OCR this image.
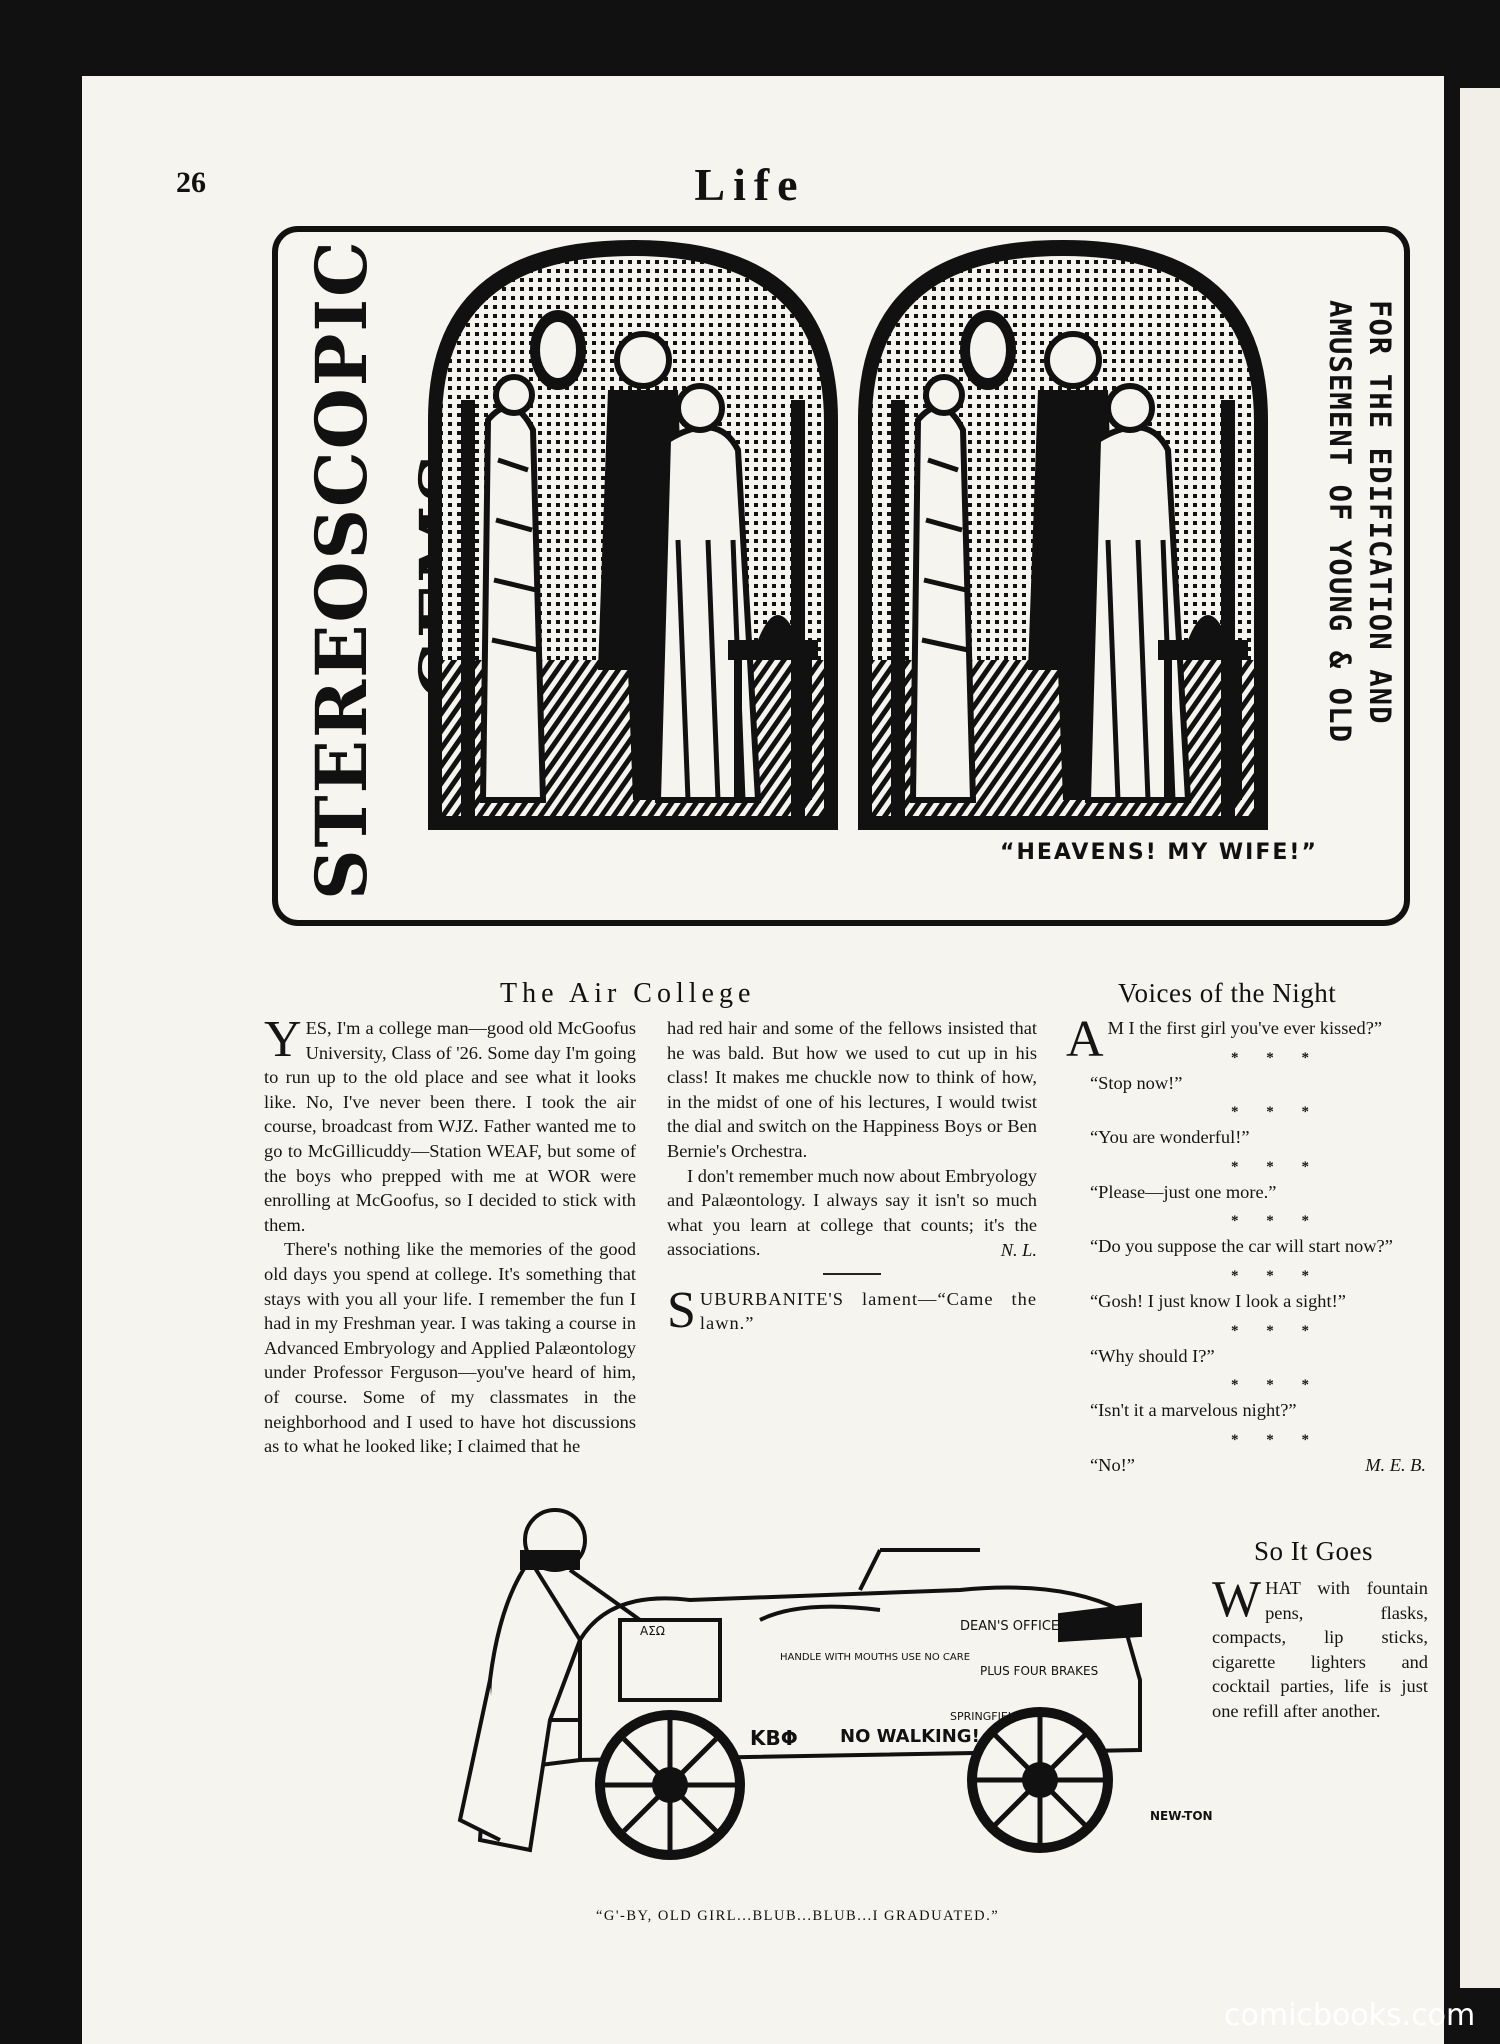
26	Life
STEREOSCOPIC	FOR THE EDIFICATION AND AMUSEMENT OF YOUNG & OLD
“HEAVENS! MY WIFE!”
The Air College

YES, I'm a college man—good old McGoofus University, Class of '26. Some day I'm going to run up to the old place and see what it looks like. No, I've never been there. I took the air course, broadcast from WJZ. Father wanted me to go to McGillicuddy—Station WEAF, but some of the boys who prepped with me at WOR were enrolling at McGoofus, so I decided to stick with them.

There's nothing like the memories of the good old days you spend at college. It's something that stays with you all your life. I remember the fun I had in my Freshman year. I was taking a course in Advanced Embryology and Applied Palæontology under Professor Ferguson—you've heard of him, of course. Some of my classmates in the neighborhood and I used to have hot discussions as to what he looked like; I claimed that he

had red hair and some of the fellows insisted that he was bald. But how we used to cut up in his class! It makes me chuckle now to think of how, in the midst of one of his lectures, I would twist the dial and switch on the Happiness Boys or Ben Bernie's Orchestra.

I don't remember much now about Embryology and Palæontology. I always say it isn't so much what you learn at college that counts; it's the associations.	N. L.

SUBURBANITE'S lament—“Came the lawn.”

Voices of the Night
A M I the first girl you've ever kissed?”
* * *
“Stop now!”
* * *
“You are wonderful!”
* * *
“Please—just one more.”
* * *
“Do you suppose the car will start now?”
* * *
“Gosh! I just know I look a sight!”
* * *
“Why should I?”
* * *
“Isn't it a marvelous night?”
* * *
“No!”	M. E. B.
So It Goes

WHAT with fountain pens, flasks, compacts, lip sticks, cigarette lighters and cocktail parties, life is just one refill after another.

NO WALKING!
KBΦ
DEAN'S OFFICE
PLUS FOUR BRAKES
HANDLE WITH MOUTHS USE NO CARE
ΑΣΩ
SPRINGFIELD
NEW-TON
“G'-BY, OLD GIRL...BLUB...BLUB...I GRADUATED.”
comicbooks.com
